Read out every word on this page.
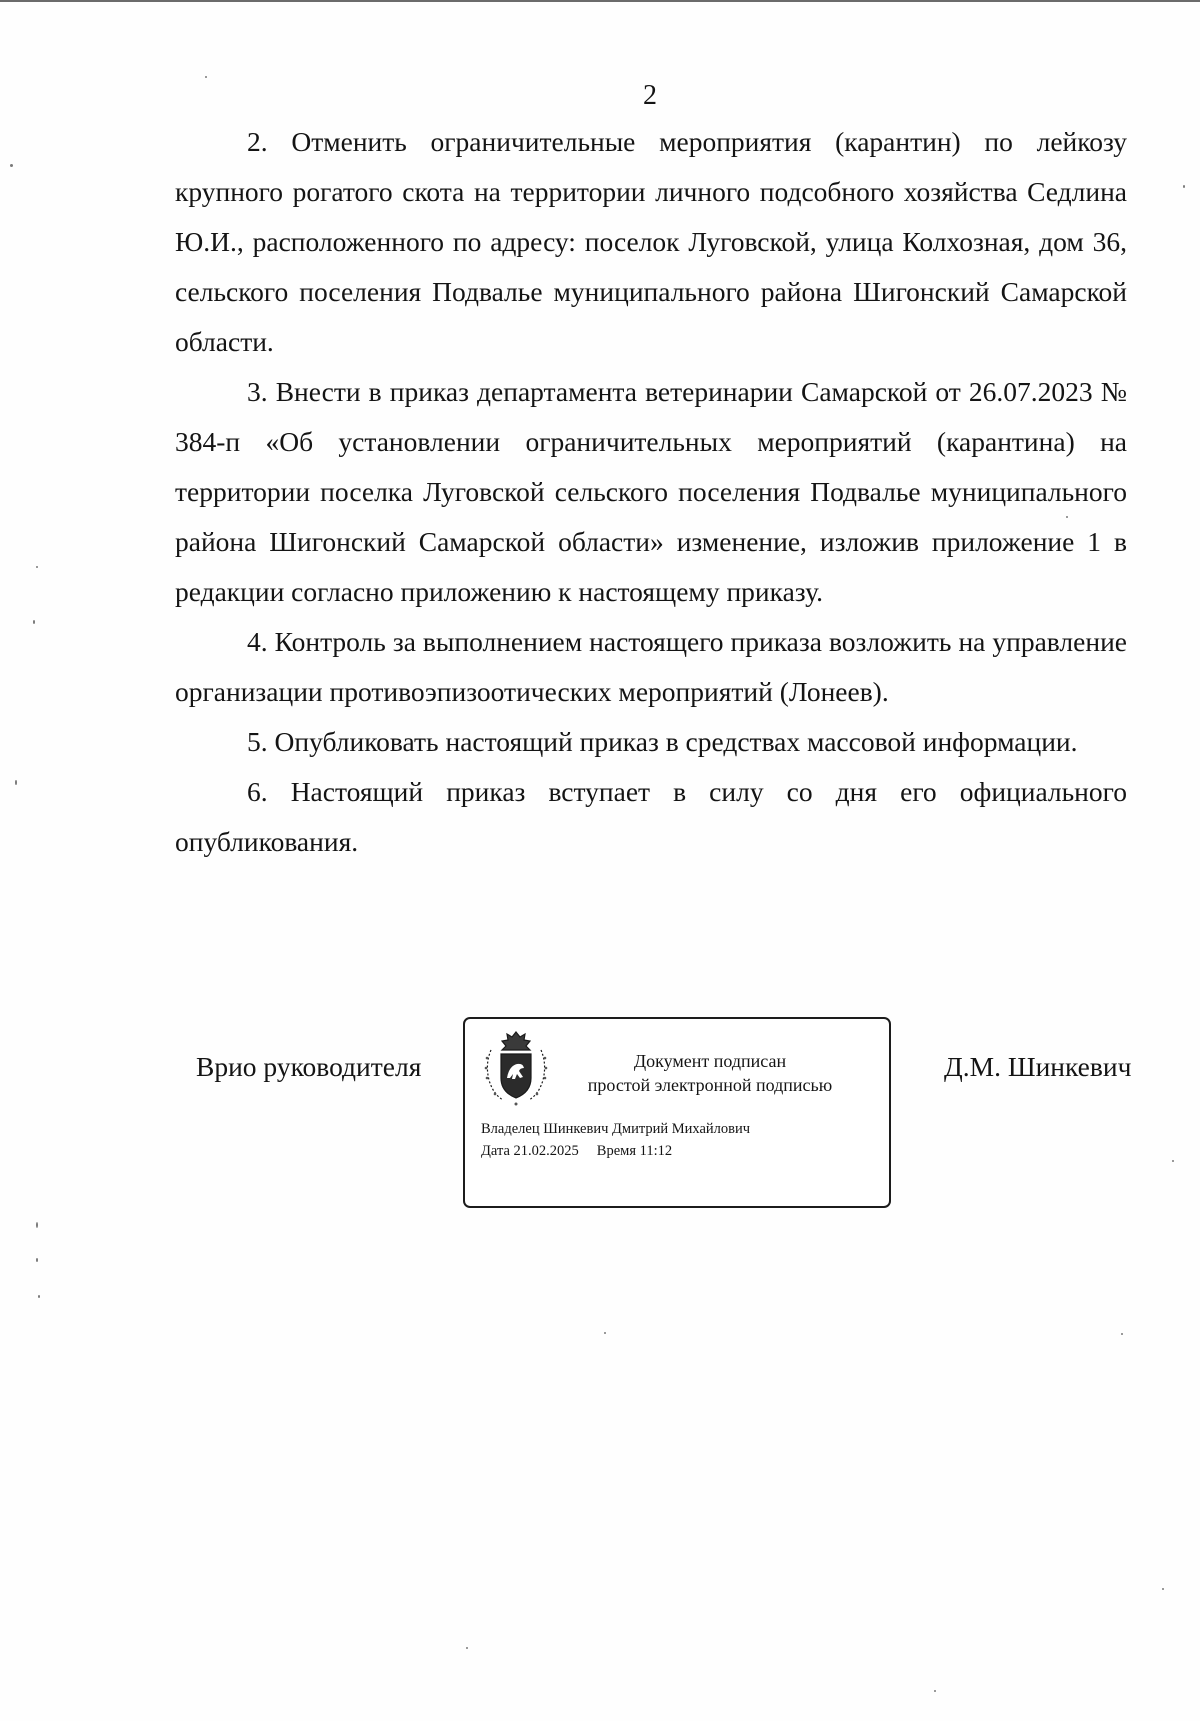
2

2. Отменить ограничительные мероприятия (карантин) по лейкозу крупного рогатого скота на территории личного подсобного хозяйства Седлина Ю.И., расположенного по адресу: поселок Луговской, улица Колхозная, дом 36, сельского поселения Подвалье муниципального района Шигонский Самарской области.

3. Внести в приказ департамента ветеринарии Самарской от 26.07.2023 № 384-п «Об установлении ограничительных мероприятий (карантина) на территории поселка Луговской сельского поселения Подвалье муниципального района Шигонский Самарской области» изменение, изложив приложение 1 в редакции согласно приложению к настоящему приказу.

4. Контроль за выполнением настоящего приказа возложить на управление организации противоэпизоотических мероприятий (Лонеев).

5. Опубликовать настоящий приказ в средствах массовой информации.

6. Настоящий приказ вступает в силу со дня его официального опубликования.

Врио руководителя	Документ подписан
простой электронной подписью
Владелец Шинкевич Дмитрий Михайлович
Дата 21.02.2025 Время 11:12
Д.М. Шинкевич
